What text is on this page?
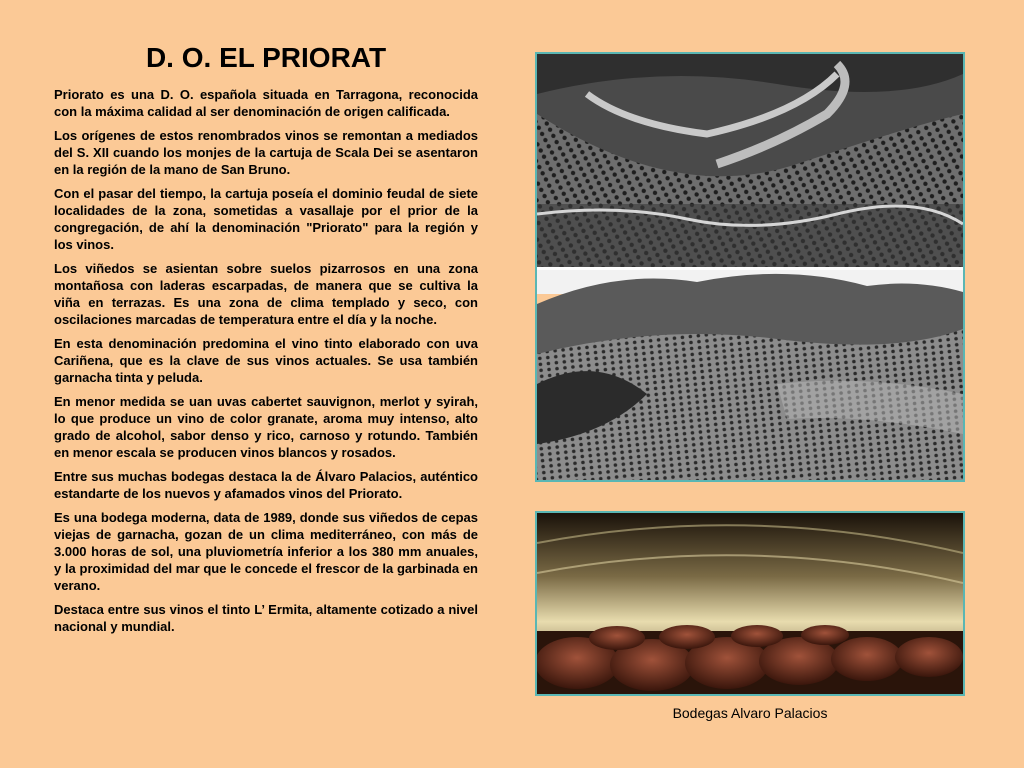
D. O. EL PRIORAT

Priorato es una D. O. española situada en Tarragona, reconocida con la máxima calidad al ser denominación de origen calificada.

Los orígenes de estos renombrados vinos se remontan a mediados del S. XII cuando los monjes de la cartuja de Scala Dei se asentaron en la región de la mano de San Bruno.

Con el pasar del tiempo, la cartuja poseía el dominio feudal de siete localidades de la zona, sometidas a vasallaje por el prior de la congregación, de ahí la denominación "Priorato" para la región y los vinos.

Los viñedos se asientan sobre suelos pizarrosos en una zona montañosa con laderas escarpadas, de manera que se cultiva la viña en terrazas. Es una zona de clima templado y seco, con oscilaciones marcadas de temperatura entre el día y la noche.

En esta denominación predomina el vino tinto elaborado con uva Cariñena, que es la clave de sus vinos actuales. Se usa también garnacha tinta y peluda.

En menor medida se uan uvas cabertet sauvignon, merlot y syirah, lo que produce un vino de color granate, aroma muy intenso, alto grado de alcohol, sabor denso y rico, carnoso y rotundo. También en menor escala se producen vinos blancos y rosados.

Entre sus muchas bodegas destaca la de Álvaro Palacios, auténtico estandarte de los nuevos y afamados vinos del Priorato.

Es una bodega moderna, data de 1989, donde sus viñedos de cepas viejas de garnacha, gozan de un clima mediterráneo, con más de 3.000 horas de sol, una pluviometría inferior a los 380 mm anuales, y la proximidad del mar que le concede el frescor de la garbinada en verano.

Destaca entre sus vinos el tinto L’ Ermita, altamente cotizado a nivel nacional y mundial.

Bodegas Alvaro Palacios
